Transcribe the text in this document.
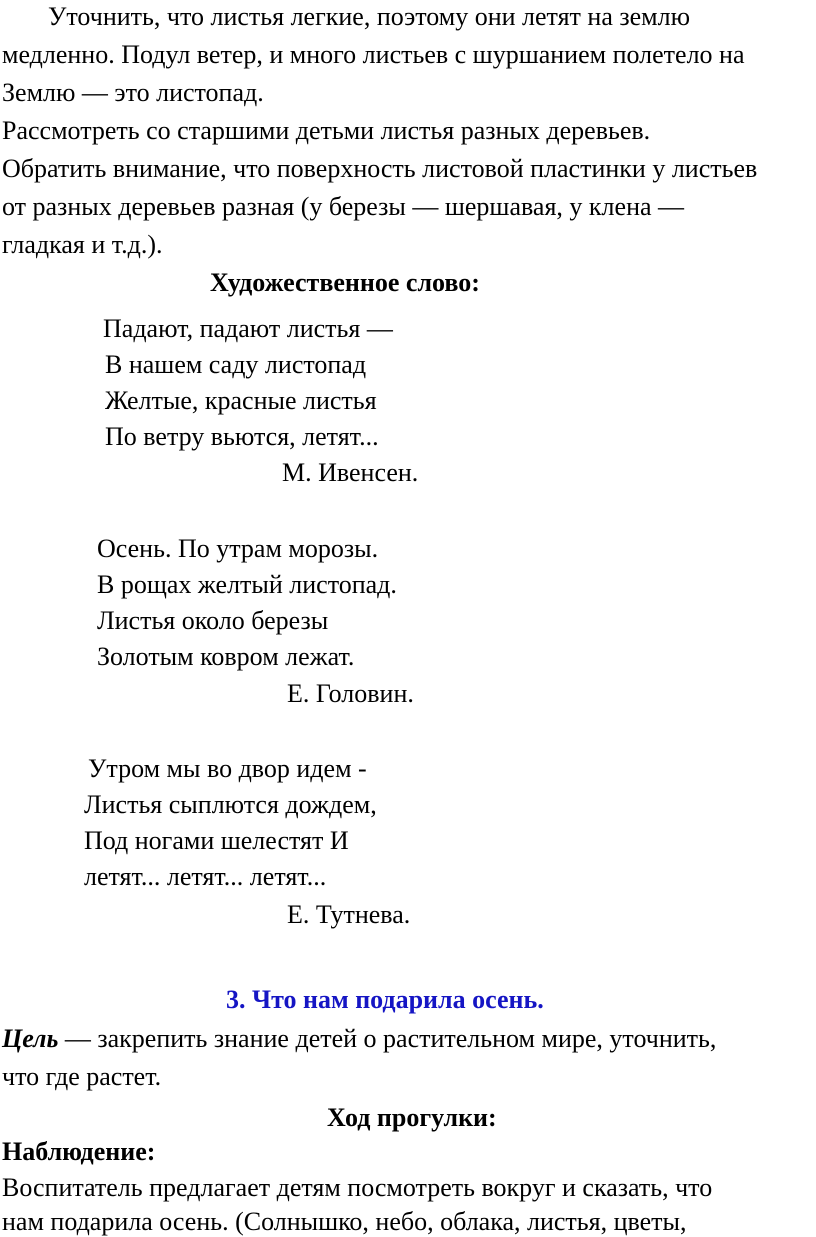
Уточнить, что листья легкие, поэтому они летят на землю
медленно. Подул ветер, и много листьев с шуршанием полетело на
Землю — это листопад.
Рассмотреть со старшими детьми листья разных деревьев.
Обратить внимание, что поверхность листовой пластинки у листьев
от разных деревьев разная (у березы — шершавая, у клена —
гладкая и т.д.).
Художественное слово:
Падают, падают листья —
В нашем саду листопад
Желтые, красные листья
По ветру вьются, летят...
М. Ивенсен.
Осень. По утрам морозы.
В рощах желтый листопад.
Листья около березы
Золотым ковром лежат.
Е. Головин.
Утром мы во двор идем -
Листья сыплются дождем,
Под ногами шелестят И
летят... летят... летят...
Е. Тутнева.
3. Что нам подарила осень.
Цель — закрепить знание детей о растительном мире, уточнить,
что где растет.
Ход прогулки:
Наблюдение:
Воспитатель предлагает детям посмотреть вокруг и сказать, что
нам подарила осень. (Солнышко, небо, облака, листья, цветы,
